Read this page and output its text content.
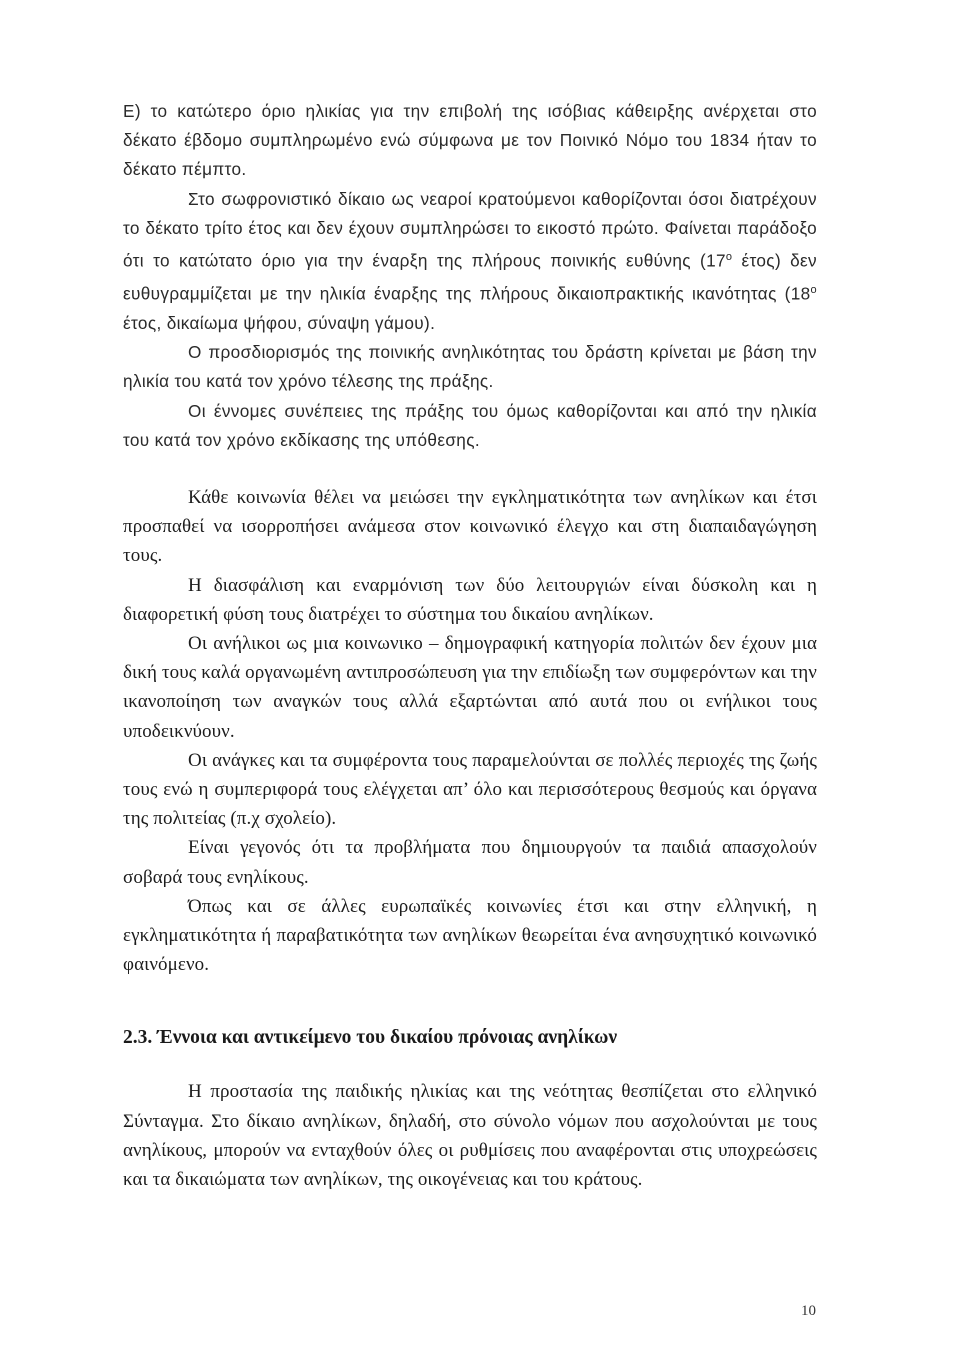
Ε) το κατώτερο όριο ηλικίας για την επιβολή της ισόβιας κάθειρξης ανέρχεται στο δέκατο έβδομο συμπληρωμένο ενώ σύμφωνα με τον Ποινικό Νόμο του 1834 ήταν το δέκατο πέμπτο.

Στο σωφρονιστικό δίκαιο ως νεαροί κρατούμενοι καθορίζονται όσοι διατρέχουν το δέκατο τρίτο έτος και δεν έχουν συμπληρώσει το εικοστό πρώτο. Φαίνεται παράδοξο ότι το κατώτατο όριο για την έναρξη της πλήρους ποινικής ευθύνης ($17^o$ έτος) δεν ευθυγραμμίζεται με την ηλικία έναρξης της πλήρους δικαιοπρακτικής ικανότητας ($18^o$ έτος, δικαίωμα ψήφου, σύναψη γάμου).

Ο προσδιορισμός της ποινικής ανηλικότητας του δράστη κρίνεται με βάση την ηλικία του κατά τον χρόνο τέλεσης της πράξης.

Οι έννομες συνέπειες της πράξης του όμως καθορίζονται και από την ηλικία του κατά τον χρόνο εκδίκασης της υπόθεσης.

Κάθε κοινωνία θέλει να μειώσει την εγκληματικότητα των ανηλίκων και έτσι προσπαθεί να ισορροπήσει ανάμεσα στον κοινωνικό έλεγχο και στη διαπαιδαγώγηση τους.

Η διασφάλιση και εναρμόνιση των δύο λειτουργιών είναι δύσκολη και η διαφορετική φύση τους διατρέχει το σύστημα του δικαίου ανηλίκων.

Οι ανήλικοι ως μια κοινωνικο – δημογραφική κατηγορία πολιτών δεν έχουν μια δική τους καλά οργανωμένη αντιπροσώπευση για την επιδίωξη των συμφερόντων και την ικανοποίηση των αναγκών τους αλλά εξαρτώνται από αυτά που οι ενήλικοι τους υποδεικνύουν.

Οι ανάγκες και τα συμφέροντα τους παραμελούνται σε πολλές περιοχές της ζωής τους ενώ η συμπεριφορά τους ελέγχεται απ’ όλο και περισσότερους θεσμούς και όργανα της πολιτείας (π.χ σχολείο).

Είναι γεγονός ότι τα προβλήματα που δημιουργούν τα παιδιά απασχολούν σοβαρά τους ενηλίκους.

Όπως και σε άλλες ευρωπαϊκές κοινωνίες έτσι και στην ελληνική, η εγκληματικότητα ή παραβατικότητα των ανηλίκων θεωρείται ένα ανησυχητικό κοινωνικό φαινόμενο.

2.3. Έννοια και αντικείμενο του δικαίου πρόνοιας ανηλίκων

Η προστασία της παιδικής ηλικίας και της νεότητας θεσπίζεται στο ελληνικό Σύνταγμα. Στο δίκαιο ανηλίκων, δηλαδή, στο σύνολο νόμων που ασχολούνται με τους ανηλίκους, μπορούν να ενταχθούν όλες οι ρυθμίσεις που αναφέρονται στις υποχρεώσεις και τα δικαιώματα των ανηλίκων, της οικογένειας και του κράτους.

10
